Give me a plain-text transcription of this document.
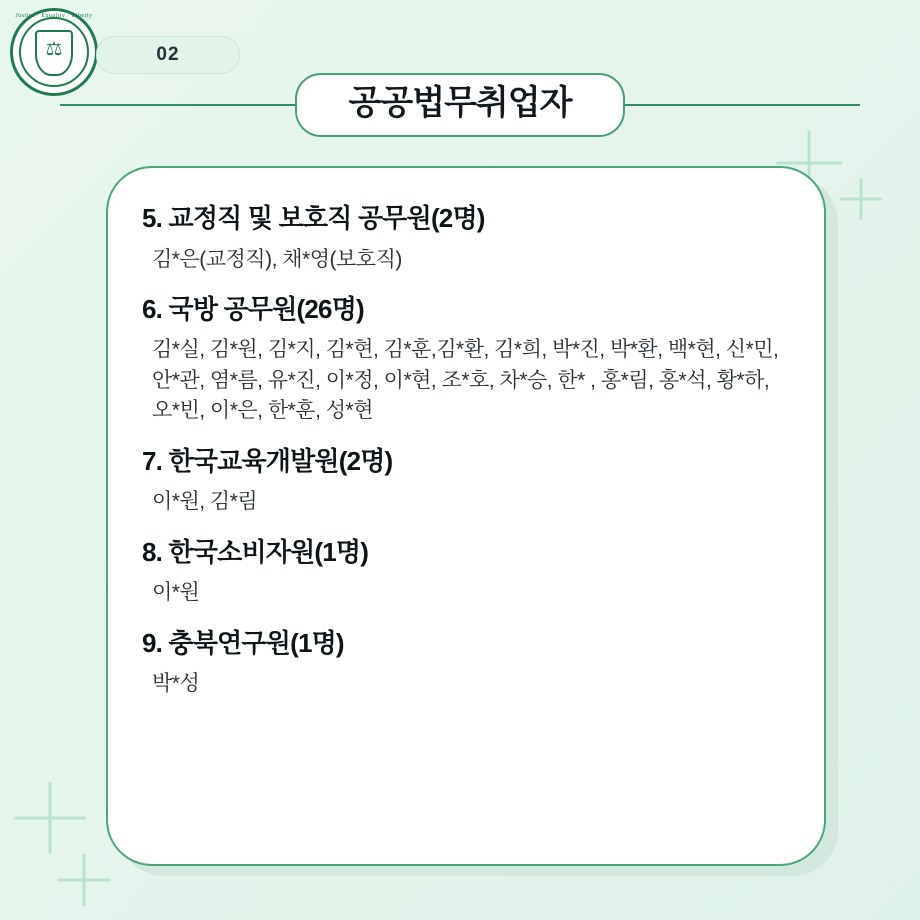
Justice · Equality · Liberty
⚖	02
공공법무취업자

5. 교정직 및 보호직 공무원(2명)

김*은(교정직), 채*영(보호직)

6. 국방 공무원(26명)

김*실, 김*원, 김*지, 김*현, 김*훈,김*환, 김*희, 박*진, 박*환, 백*현, 신*민, 안*관, 염*름, 유*진, 이*정, 이*현, 조*호, 차*승, 한* , 홍*림, 홍*석, 황*하, 오*빈, 이*은, 한*훈, 성*현

7. 한국교육개발원(2명)

이*원, 김*림

8. 한국소비자원(1명)

이*원

9. 충북연구원(1명)

박*성
